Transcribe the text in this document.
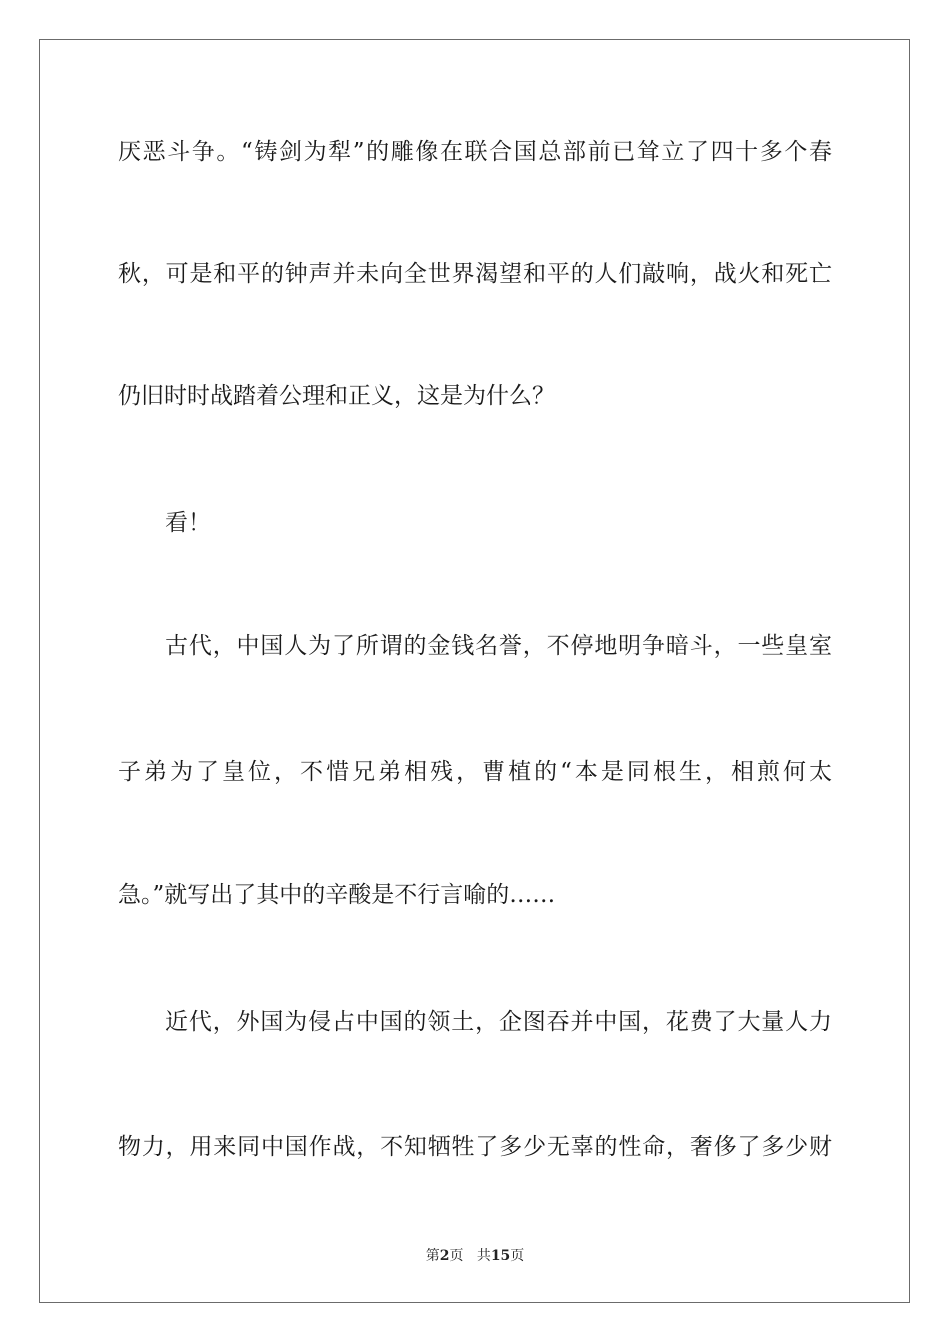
厌恶斗争。“铸剑为犁”的雕像在联合国总部前已耸立了四十多个春
秋，可是和平的钟声并未向全世界渴望和平的人们敲响，战火和死亡
仍旧时时战踏着公理和正义，这是为什么？
看！
古代，中国人为了所谓的金钱名誉，不停地明争暗斗，一些皇室
子弟为了皇位，不惜兄弟相残，曹植的“本是同根生，相煎何太
急。”就写出了其中的辛酸是不行言喻的……
近代，外国为侵占中国的领土，企图吞并中国，花费了大量人力
物力，用来同中国作战，不知牺牲了多少无辜的性命，奢侈了多少财
第2页 共15页
